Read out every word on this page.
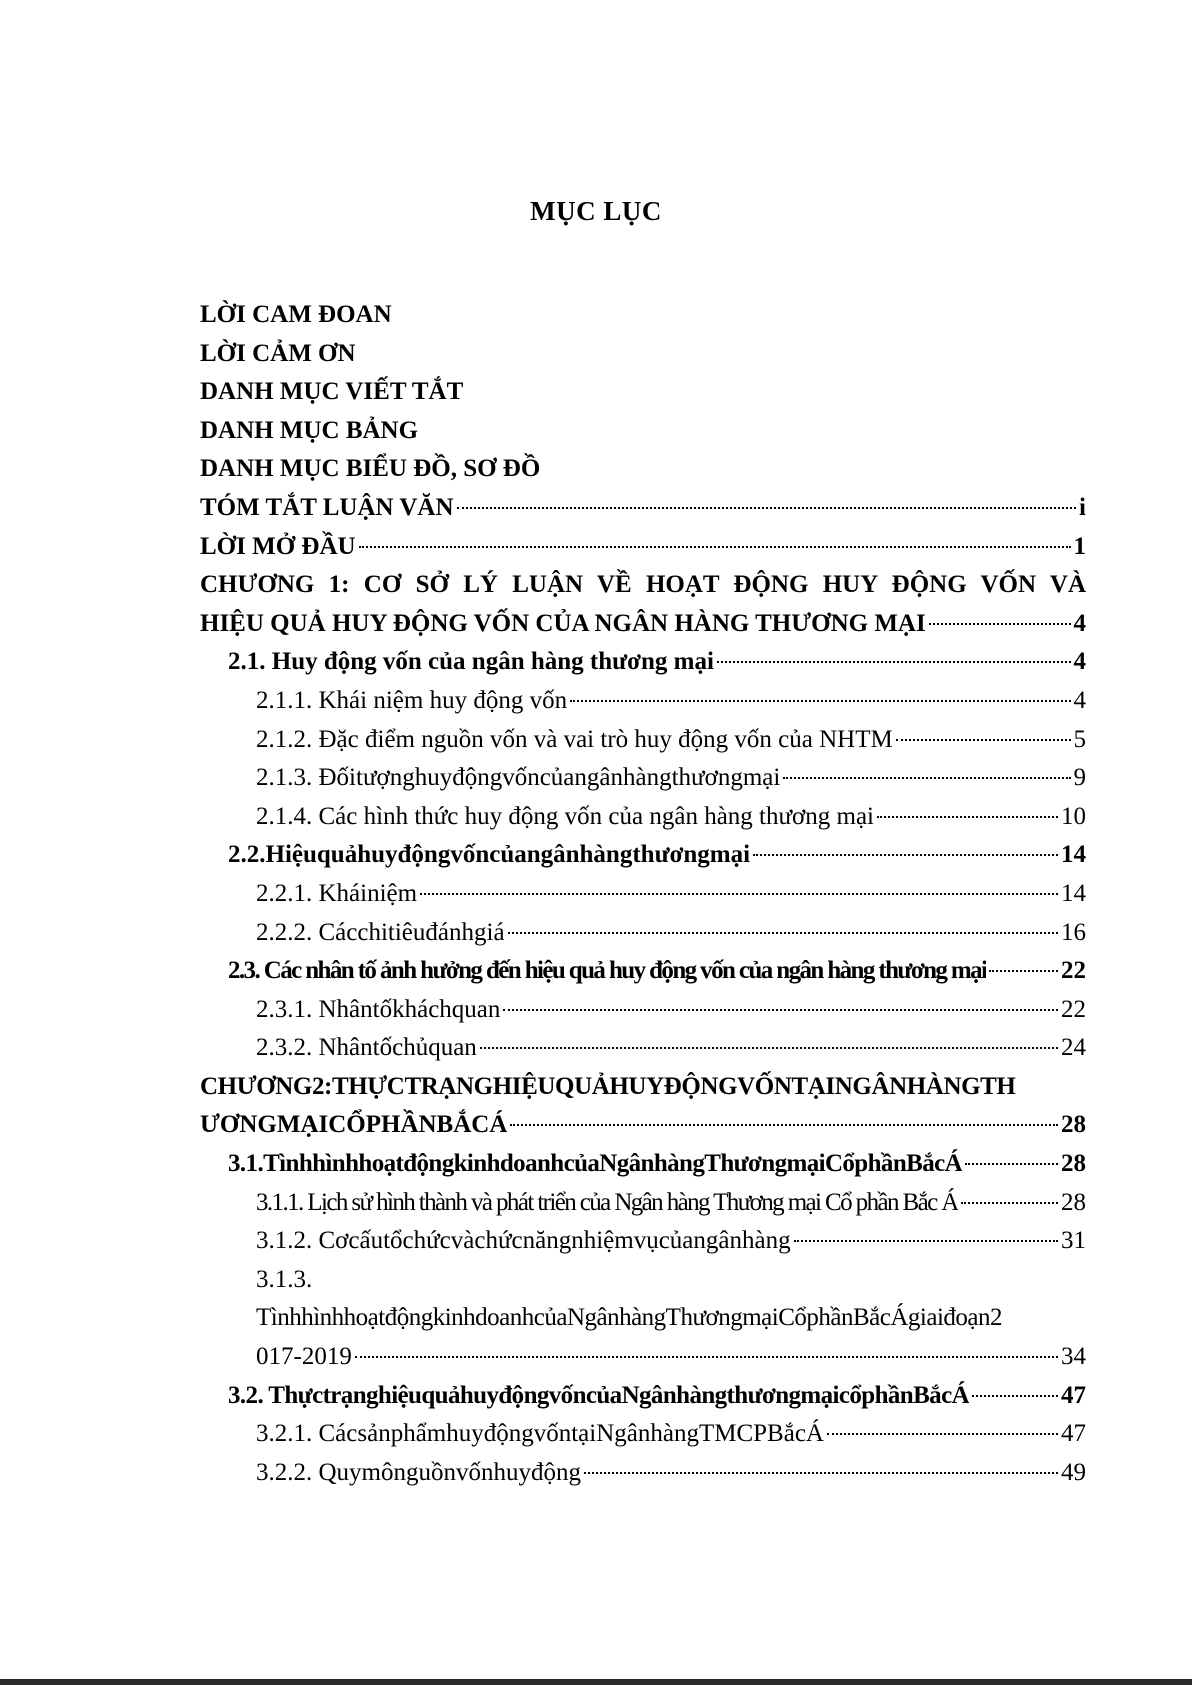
MỤC LỤC
LỜI CAM ĐOAN
LỜI CẢM ƠN
DANH MỤC VIẾT TẮT
DANH MỤC BẢNG
DANH MỤC BIỂU ĐỒ, SƠ ĐỒ
TÓM TẮT LUẬN VĂN	i
LỜI MỞ ĐẦU	1
CHƯƠNG 1: CƠ SỞ LÝ LUẬN VỀ HOẠT ĐỘNG HUY ĐỘNG VỐN VÀ
HIỆU QUẢ HUY ĐỘNG VỐN CỦA NGÂN HÀNG THƯƠNG MẠI	4
2.1. Huy động vốn của ngân hàng thương mại	4
2.1.1. Khái niệm huy động vốn	4
2.1.2. Đặc điểm nguồn vốn và vai trò huy động vốn của NHTM	5
2.1.3. Đốitượnghuyđộngvốncủangânhàngthươngmại	9
2.1.4. Các hình thức huy động vốn của ngân hàng thương mại	10
2.2.Hiệuquảhuyđộngvốncủangânhàngthươngmại	14
2.2.1. Kháiniệm	14
2.2.2. Cácchitiêuđánhgiá	16
2.3. Các nhân tố ảnh hưởng đến hiệu quả huy động vốn của ngân hàng thương mại	22
2.3.1. Nhântốkháchquan	22
2.3.2. Nhântốchủquan	24
CHƯƠNG2:THỰCTRẠNGHIỆUQUẢHUYĐỘNGVỐNTẠINGÂNHÀNGTH
ƯƠNGMẠICỔPHẦNBẮCÁ	28
3.1.Tìnhhìnhhoạtđộngkinhdoanhcủa​NgânhàngThươngmạiCổphầnBắcÁ	28
3.1.1. Lịch sử hình thành và phát triển của Ngân hàng Thương mại Cổ phần Bắc Á	28
3.1.2. Cơcấutổchứcvàchứcnăngnhiệmvụcủangânhàng	31
3.1.3.
TìnhhìnhhoạtđộngkinhdoanhcủaNgânhàngThươngmạiCổphầnBắcÁgiaiđoạn2
017-2019	34
3.2. ThựctrạnghiệuquảhuyđộngvốncủaNgânhàngthươngmạicổphầnBắcÁ	47
3.2.1. CácsảnphẩmhuyđộngvốntạiNgânhàngTMCPBắcÁ	47
3.2.2. Quymônguồnvốnhuyđộng	49
